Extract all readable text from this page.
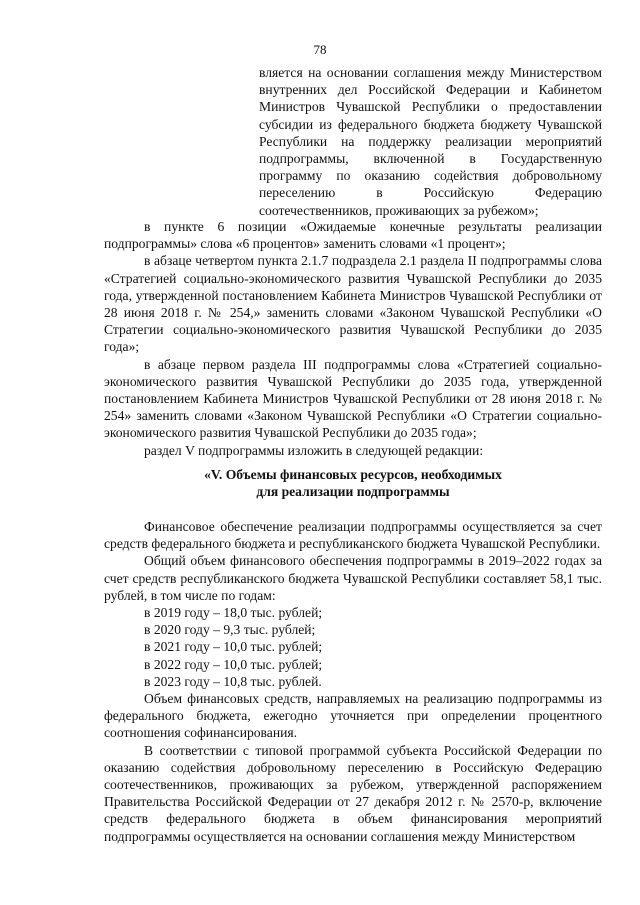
78

вляется на основании соглашения между Министерством внутренних дел Российской Федерации и Кабинетом Министров Чувашской Республики о предоставлении субсидии из федерального бюджета бюджету Чувашской Республики на поддержку реализации мероприятий подпрограммы, включенной в Государственную программу по оказанию содействия добровольному переселению в Российскую Федерацию соотечественников, проживающих за рубежом»;

в пункте 6 позиции «Ожидаемые конечные результаты реализации подпрограммы» слова «6 процентов» заменить словами «1 процент»;

в абзаце четвертом пункта 2.1.7 подраздела 2.1 раздела II подпрограммы слова «Стратегией социально-экономического развития Чувашской Республики до 2035 года, утвержденной постановлением Кабинета Министров Чувашской Республики от 28 июня 2018 г. № 254,» заменить словами «Законом Чувашской Республики «О Стратегии социально-экономического развития Чувашской Республики до 2035 года»;

в абзаце первом раздела III подпрограммы слова «Стратегией социально-экономического развития Чувашской Республики до 2035 года, утвержденной постановлением Кабинета Министров Чувашской Республики от 28 июня 2018 г. № 254» заменить словами «Законом Чувашской Республики «О Стратегии социально-экономического развития Чувашской Республики до 2035 года»;

раздел V подпрограммы изложить в следующей редакции:

«V. Объемы финансовых ресурсов, необходимых
для реализации подпрограммы

Финансовое обеспечение реализации подпрограммы осуществляется за счет средств федерального бюджета и республиканского бюджета Чувашской Республики.

Общий объем финансового обеспечения подпрограммы в 2019–2022 годах за счет средств республиканского бюджета Чувашской Республики составляет 58,1 тыс. рублей, в том числе по годам:

в 2019 году – 18,0 тыс. рублей;

в 2020 году – 9,3 тыс. рублей;

в 2021 году – 10,0 тыс. рублей;

в 2022 году – 10,0 тыс. рублей;

в 2023 году – 10,8 тыс. рублей.

Объем финансовых средств, направляемых на реализацию подпрограммы из федерального бюджета, ежегодно уточняется при определении процентного соотношения софинансирования.

В соответствии с типовой программой субъекта Российской Федерации по оказанию содействия добровольному переселению в Российскую Федерацию соотечественников, проживающих за рубежом, утвержденной распоряжением Правительства Российской Федерации от 27 декабря 2012 г. № 2570-р, включение средств федерального бюджета в объем финансирования мероприятий подпрограммы осуществляется на основании соглашения между Министерством
